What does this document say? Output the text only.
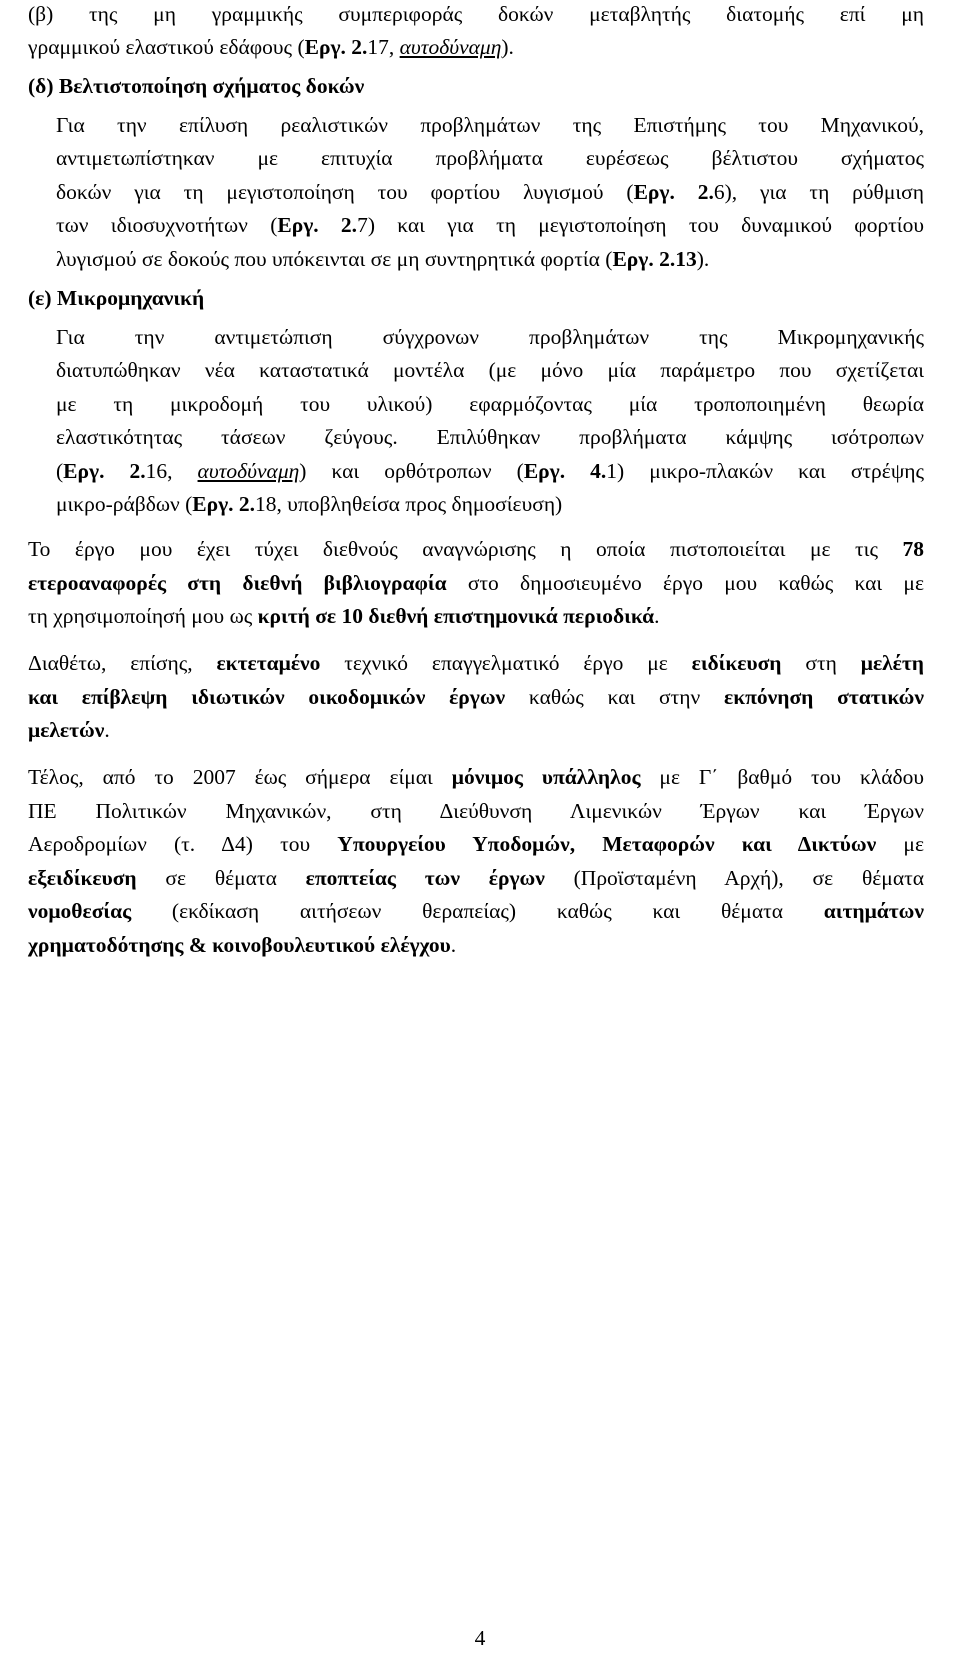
(β) της μη γραμμικής συμπεριφοράς δοκών μεταβλητής διατομής επί μη
γραμμικού ελαστικού εδάφους (Εργ. 2.17, αυτοδύναμη).
(δ) Βελτιστοποίηση σχήματος δοκών
Για την επίλυση ρεαλιστικών προβλημάτων της Επιστήμης του Μηχανικού,
αντιμετωπίστηκαν με επιτυχία προβλήματα ευρέσεως βέλτιστου σχήματος
δοκών για τη μεγιστοποίηση του φορτίου λυγισμού (Εργ. 2.6), για τη ρύθμιση
των ιδιοσυχνοτήτων (Εργ. 2.7) και για τη μεγιστοποίηση του δυναμικού φορτίου
λυγισμού σε δοκούς που υπόκεινται σε μη συντηρητικά φορτία (Εργ. 2.13).
(ε) Μικρομηχανική
Για την αντιμετώπιση σύγχρονων προβλημάτων της Μικρομηχανικής
διατυπώθηκαν νέα καταστατικά μοντέλα (με μόνο μία παράμετρο που σχετίζεται
με τη μικροδομή του υλικού) εφαρμόζοντας μία τροποποιημένη θεωρία
ελαστικότητας τάσεων ζεύγους. Επιλύθηκαν προβλήματα κάμψης ισότροπων
(Εργ. 2.16, αυτοδύναμη) και ορθότροπων (Εργ. 4.1) μικρο-πλακών και στρέψης
μικρο-ράβδων (Εργ. 2.18, υποβληθείσα προς δημοσίευση)
Το έργο μου έχει τύχει διεθνούς αναγνώρισης η οποία πιστοποιείται με τις 78
ετεροαναφορές στη διεθνή βιβλιογραφία στο δημοσιευμένο έργο μου καθώς και με
τη χρησιμοποίησή μου ως κριτή σε 10 διεθνή επιστημονικά περιοδικά.
Διαθέτω, επίσης, εκτεταμένο τεχνικό επαγγελματικό έργο με ειδίκευση στη μελέτη
και επίβλεψη ιδιωτικών οικοδομικών έργων καθώς και στην εκπόνηση στατικών
μελετών.
Τέλος, από το 2007 έως σήμερα είμαι μόνιμος υπάλληλος με Γ΄ βαθμό του κλάδου
ΠΕ Πολιτικών Μηχανικών, στη Διεύθυνση Λιμενικών Έργων και Έργων
Αεροδρομίων (τ. Δ4) του Υπουργείου Υποδομών, Μεταφορών και Δικτύων με
εξειδίκευση σε θέματα εποπτείας των έργων (Προϊσταμένη Αρχή), σε θέματα
νομοθεσίας (εκδίκαση αιτήσεων θεραπείας) καθώς και θέματα αιτημάτων
χρηματοδότησης & κοινοβουλευτικού ελέγχου.
4
